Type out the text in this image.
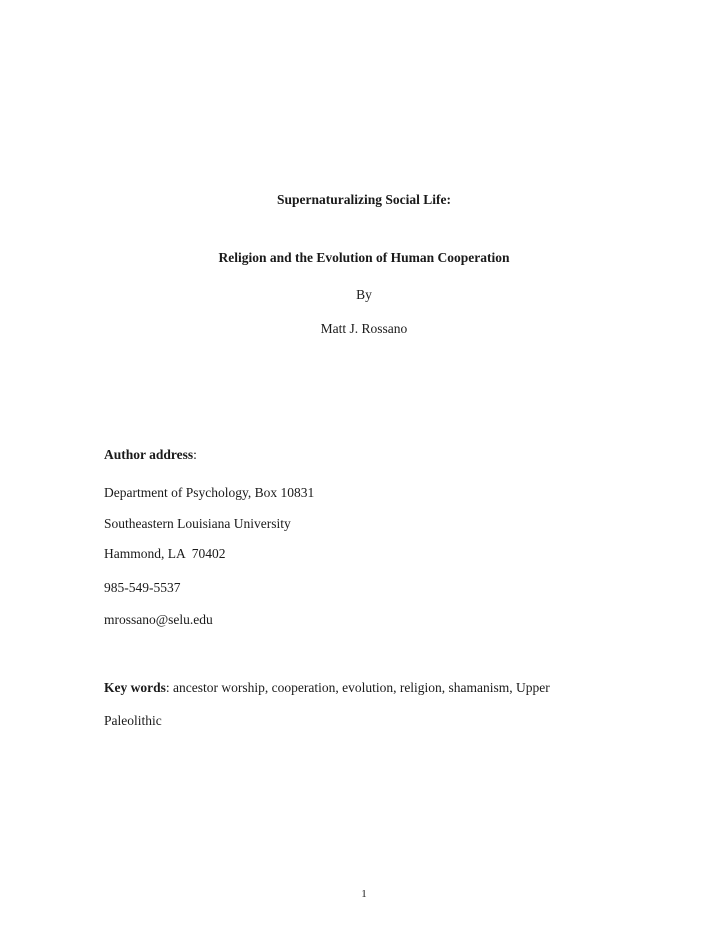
Supernaturalizing Social Life:
Religion and the Evolution of Human Cooperation
By
Matt J. Rossano
Author address:
Department of Psychology, Box 10831
Southeastern Louisiana University
Hammond, LA  70402
985-549-5537
mrossano@selu.edu
Key words: ancestor worship, cooperation, evolution, religion, shamanism, Upper
Paleolithic
1
